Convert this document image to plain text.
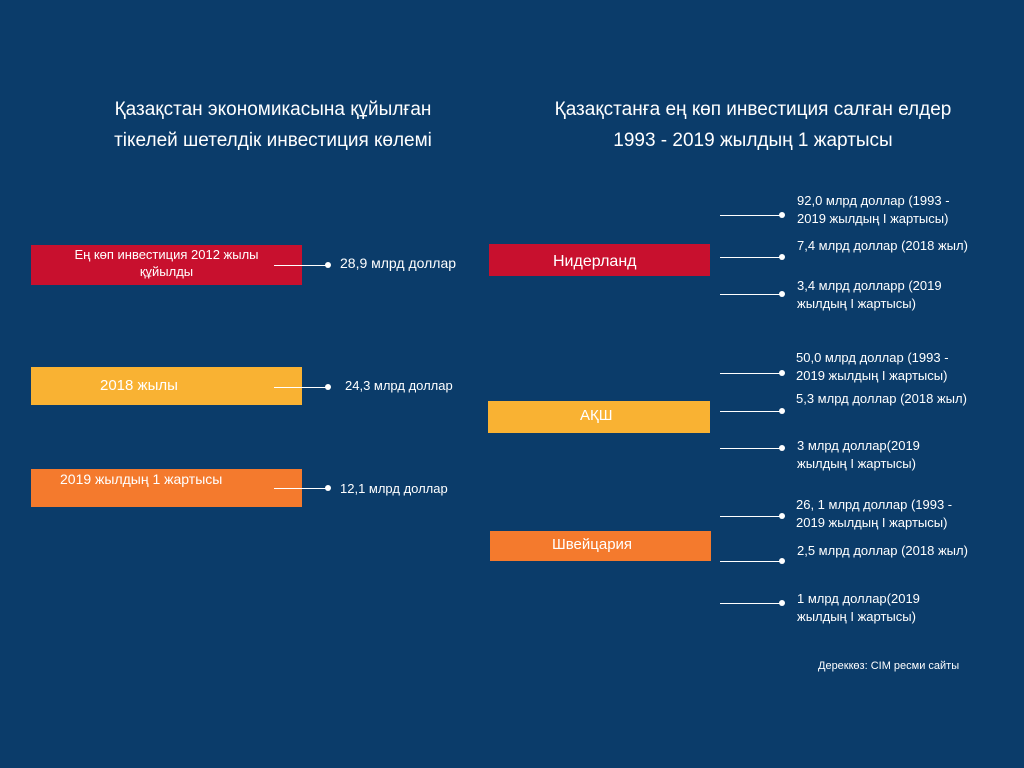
Қазақстан экономикасына құйылған тікелей шетелдік инвестиция көлемі
Қазақстанға ең көп инвестиция салған елдер
1993 - 2019 жылдың 1 жартысы
Ең көп инвестиция 2012 жылы құйылды
28,9 млрд доллар
2018 жылы	24,3 млрд доллар
2019 жылдың 1 жартысы
12,1 млрд доллар
Нидерланд
92,0 млрд доллар (1993 - 2019 жылдың I жартысы)
7,4 млрд доллар (2018 жыл)
3,4 млрд долларр (2019 жылдың I жартысы)
АҚШ
50,0 млрд доллар (1993 - 2019 жылдың I жартысы)
5,3 млрд доллар (2018 жыл)
3 млрд доллар(2019 жылдың I жартысы)
Швейцария
26, 1 млрд доллар (1993 - 2019 жылдың I жартысы)
2,5 млрд доллар (2018 жыл)
1 млрд доллар(2019 жылдың I жартысы)
Дереккөз: CIM ресми сайты
